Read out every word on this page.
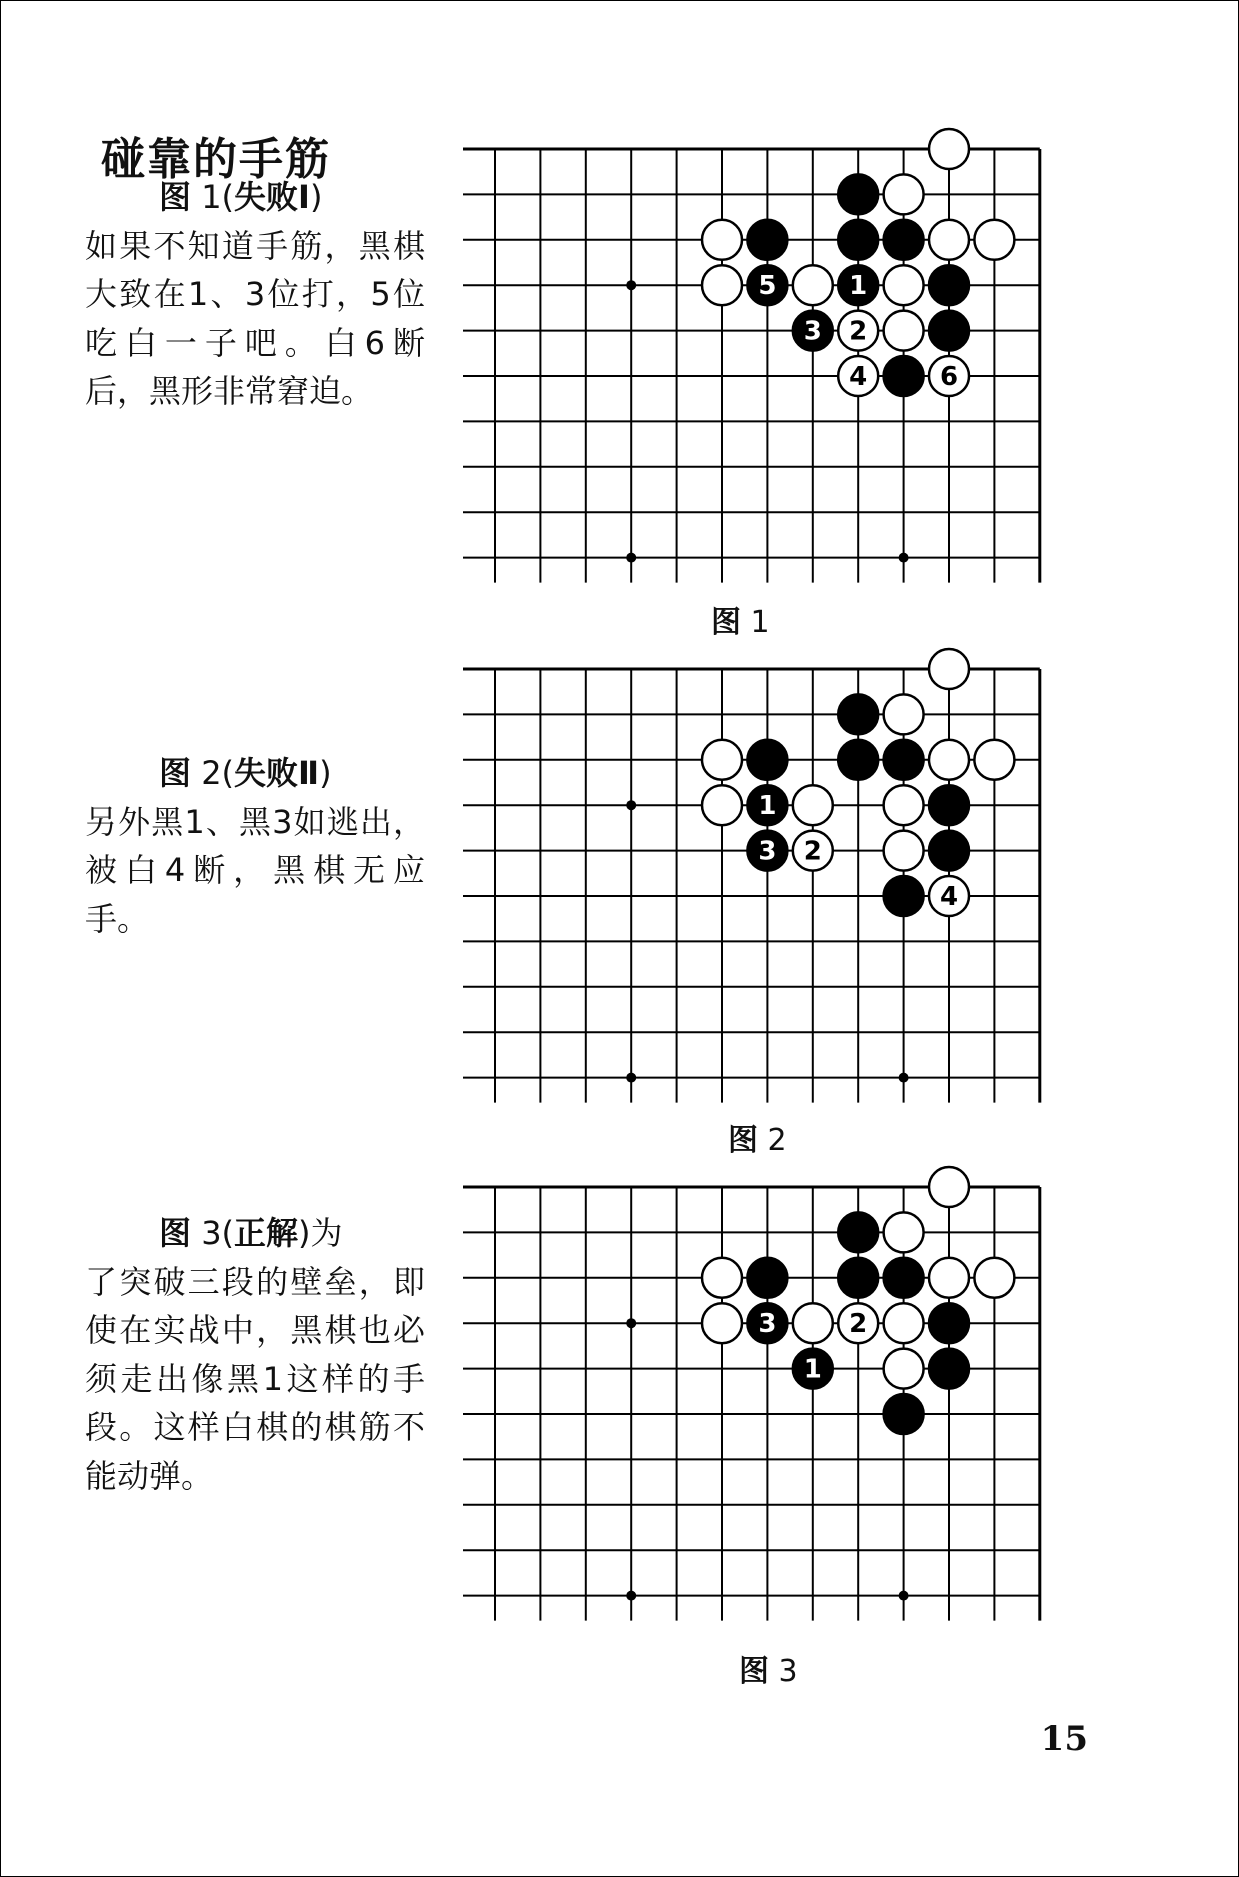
碰靠的手筋
图 1(失败Ⅰ)
如果不知道手筋，黑棋大致在1、3位打，5位吃白一子吧。白6断后，黑形非常窘迫。
图 2(失败Ⅱ)
另外黑1、黑3如逃出，被白4断，黑棋无应手。
图 3(正解)为
了突破三段的壁垒，即使在实战中，黑棋也必须走出像黑1这样的手段。这样白棋的棋筋不能动弹。
5	1
3 2
4	6
1
3 2
4
3	2
1
图 1
图 2
图 3
15
